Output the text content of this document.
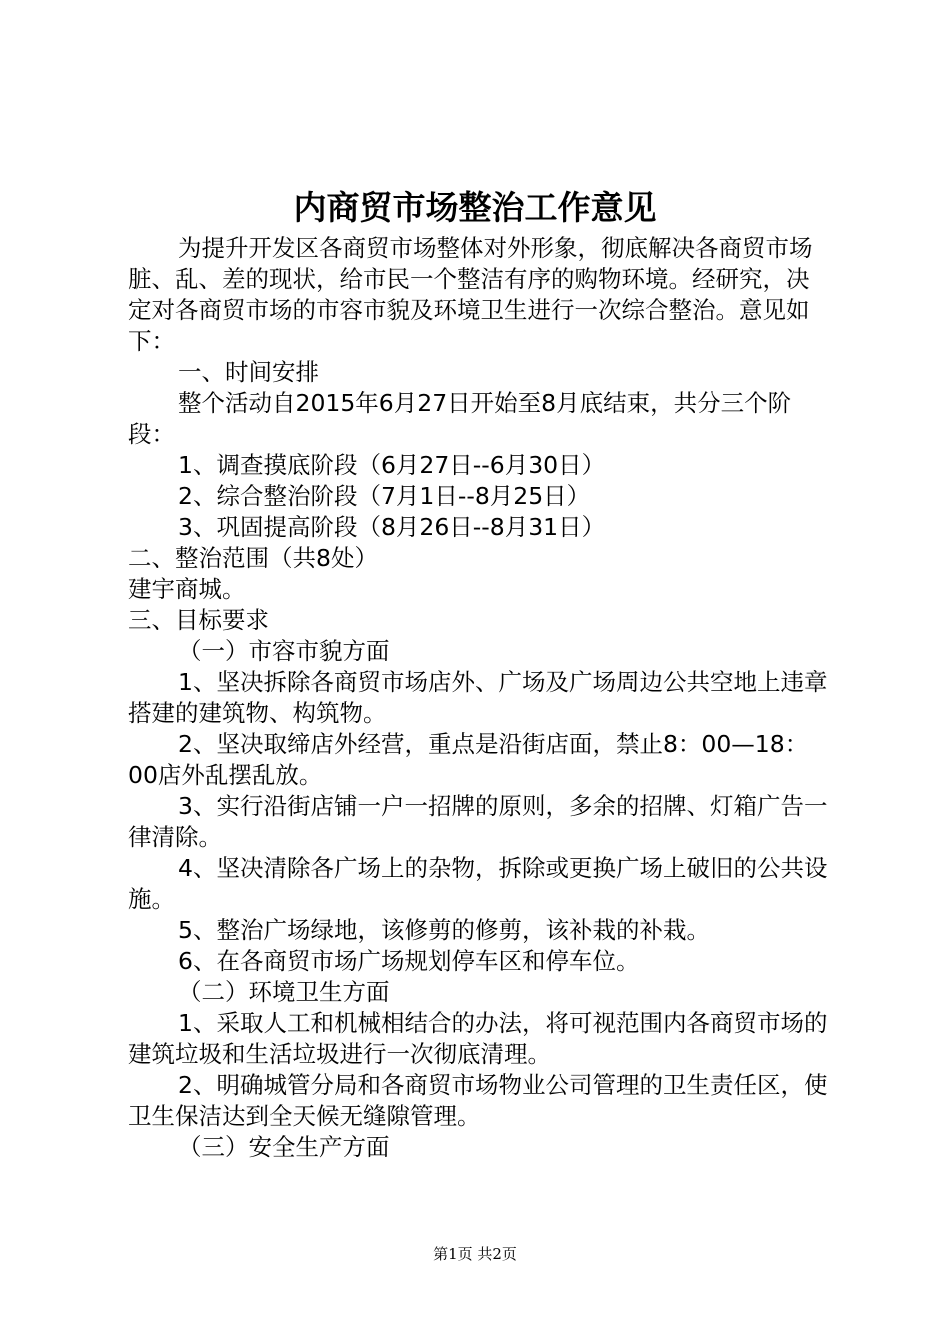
内商贸市场整治工作意见

为提升开发区各商贸市场整体对外形象，彻底解决各商贸市场脏、乱、差的现状，给市民一个整洁有序的购物环境。经研究，决定对各商贸市场的市容市貌及环境卫生进行一次综合整治。意见如下：

一、时间安排

整个活动自2015年6月27日开始至8月底结束，共分三个阶段：

1、调查摸底阶段（6月27日--6月30日）

2、综合整治阶段（7月1日--8月25日）

3、巩固提高阶段（8月26日--8月31日）

二、整治范围（共8处）

建宇商城。

三、目标要求

（一）市容市貌方面

1、坚决拆除各商贸市场店外、广场及广场周边公共空地上违章搭建的建筑物、构筑物。

2、坚决取缔店外经营，重点是沿街店面，禁止8：00—18：00店外乱摆乱放。

3、实行沿街店铺一户一招牌的原则，多余的招牌、灯箱广告一律清除。

4、坚决清除各广场上的杂物，拆除或更换广场上破旧的公共设施。

5、整治广场绿地，该修剪的修剪，该补栽的补栽。

6、在各商贸市场广场规划停车区和停车位。

（二）环境卫生方面

1、采取人工和机械相结合的办法，将可视范围内各商贸市场的建筑垃圾和生活垃圾进行一次彻底清理。

2、明确城管分局和各商贸市场物业公司管理的卫生责任区，使卫生保洁达到全天候无缝隙管理。

（三）安全生产方面

第1页 共2页
